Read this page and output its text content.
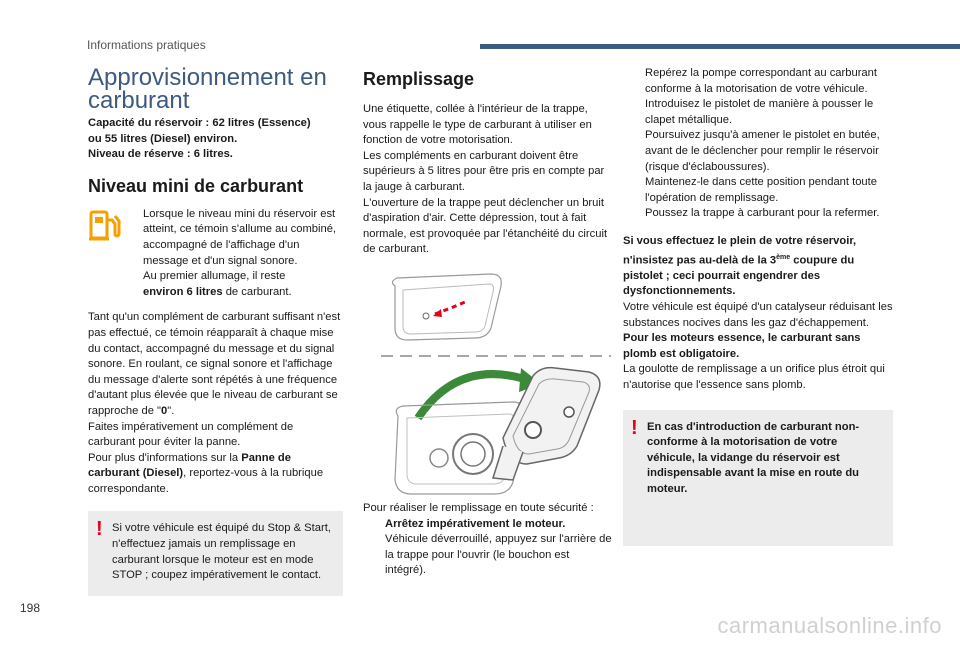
Informations pratiques
198
Approvisionnement en
carburant

Capacité du réservoir : 62 litres (Essence)
ou 55 litres (Diesel) environ.
Niveau de réserve : 6 litres.

Niveau mini de carburant

Lorsque le niveau mini du réservoir est atteint, ce témoin s'allume au combiné, accompagné de l'affichage d'un message et d'un signal sonore.

Au premier allumage, il reste
environ 6 litres de carburant.

Tant qu'un complément de carburant suffisant n'est pas effectué, ce témoin réapparaît à chaque mise du contact, accompagné du message et du signal sonore. En roulant, ce signal sonore et l'affichage du message d'alerte sont répétés à une fréquence d'autant plus élevée que le niveau de carburant se rapproche de "0".

Faites impérativement un complément de carburant pour éviter la panne.

Pour plus d'informations sur la Panne de carburant (Diesel), reportez-vous à la rubrique correspondante.

! Si votre véhicule est équipé du Stop & Start, n'effectuez jamais un remplissage en carburant lorsque le moteur est en mode STOP ; coupez impérativement le contact.

Remplissage

Une étiquette, collée à l'intérieur de la trappe, vous rappelle le type de carburant à utiliser en fonction de votre motorisation.

Les compléments en carburant doivent être supérieurs à 5 litres pour être pris en compte par la jauge à carburant.

L'ouverture de la trappe peut déclencher un bruit d'aspiration d'air. Cette dépression, tout à fait normale, est provoquée par l'étanchéité du circuit de carburant.

Pour réaliser le remplissage en toute sécurité :

Arrêtez impérativement le moteur.
Véhicule déverrouillé, appuyez sur l'arrière de la trappe pour l'ouvrir (le bouchon est intégré).
Repérez la pompe correspondant au carburant conforme à la motorisation de votre véhicule.
Introduisez le pistolet de manière à pousser le clapet métallique.
Poursuivez jusqu'à amener le pistolet en butée, avant de le déclencher pour remplir le réservoir (risque d'éclaboussures).
Maintenez-le dans cette position pendant toute l'opération de remplissage.
Poussez la trappe à carburant pour la refermer.

Si vous effectuez le plein de votre réservoir, n'insistez pas au-delà de la 3ème coupure du pistolet ; ceci pourrait engendrer des dysfonctionnements.

Votre véhicule est équipé d'un catalyseur réduisant les substances nocives dans les gaz d'échappement.

Pour les moteurs essence, le carburant sans plomb est obligatoire.

La goulotte de remplissage a un orifice plus étroit qui n'autorise que l'essence sans plomb.

! En cas d'introduction de carburant non-conforme à la motorisation de votre véhicule, la vidange du réservoir est indispensable avant la mise en route du moteur.

carmanualsonline.info
